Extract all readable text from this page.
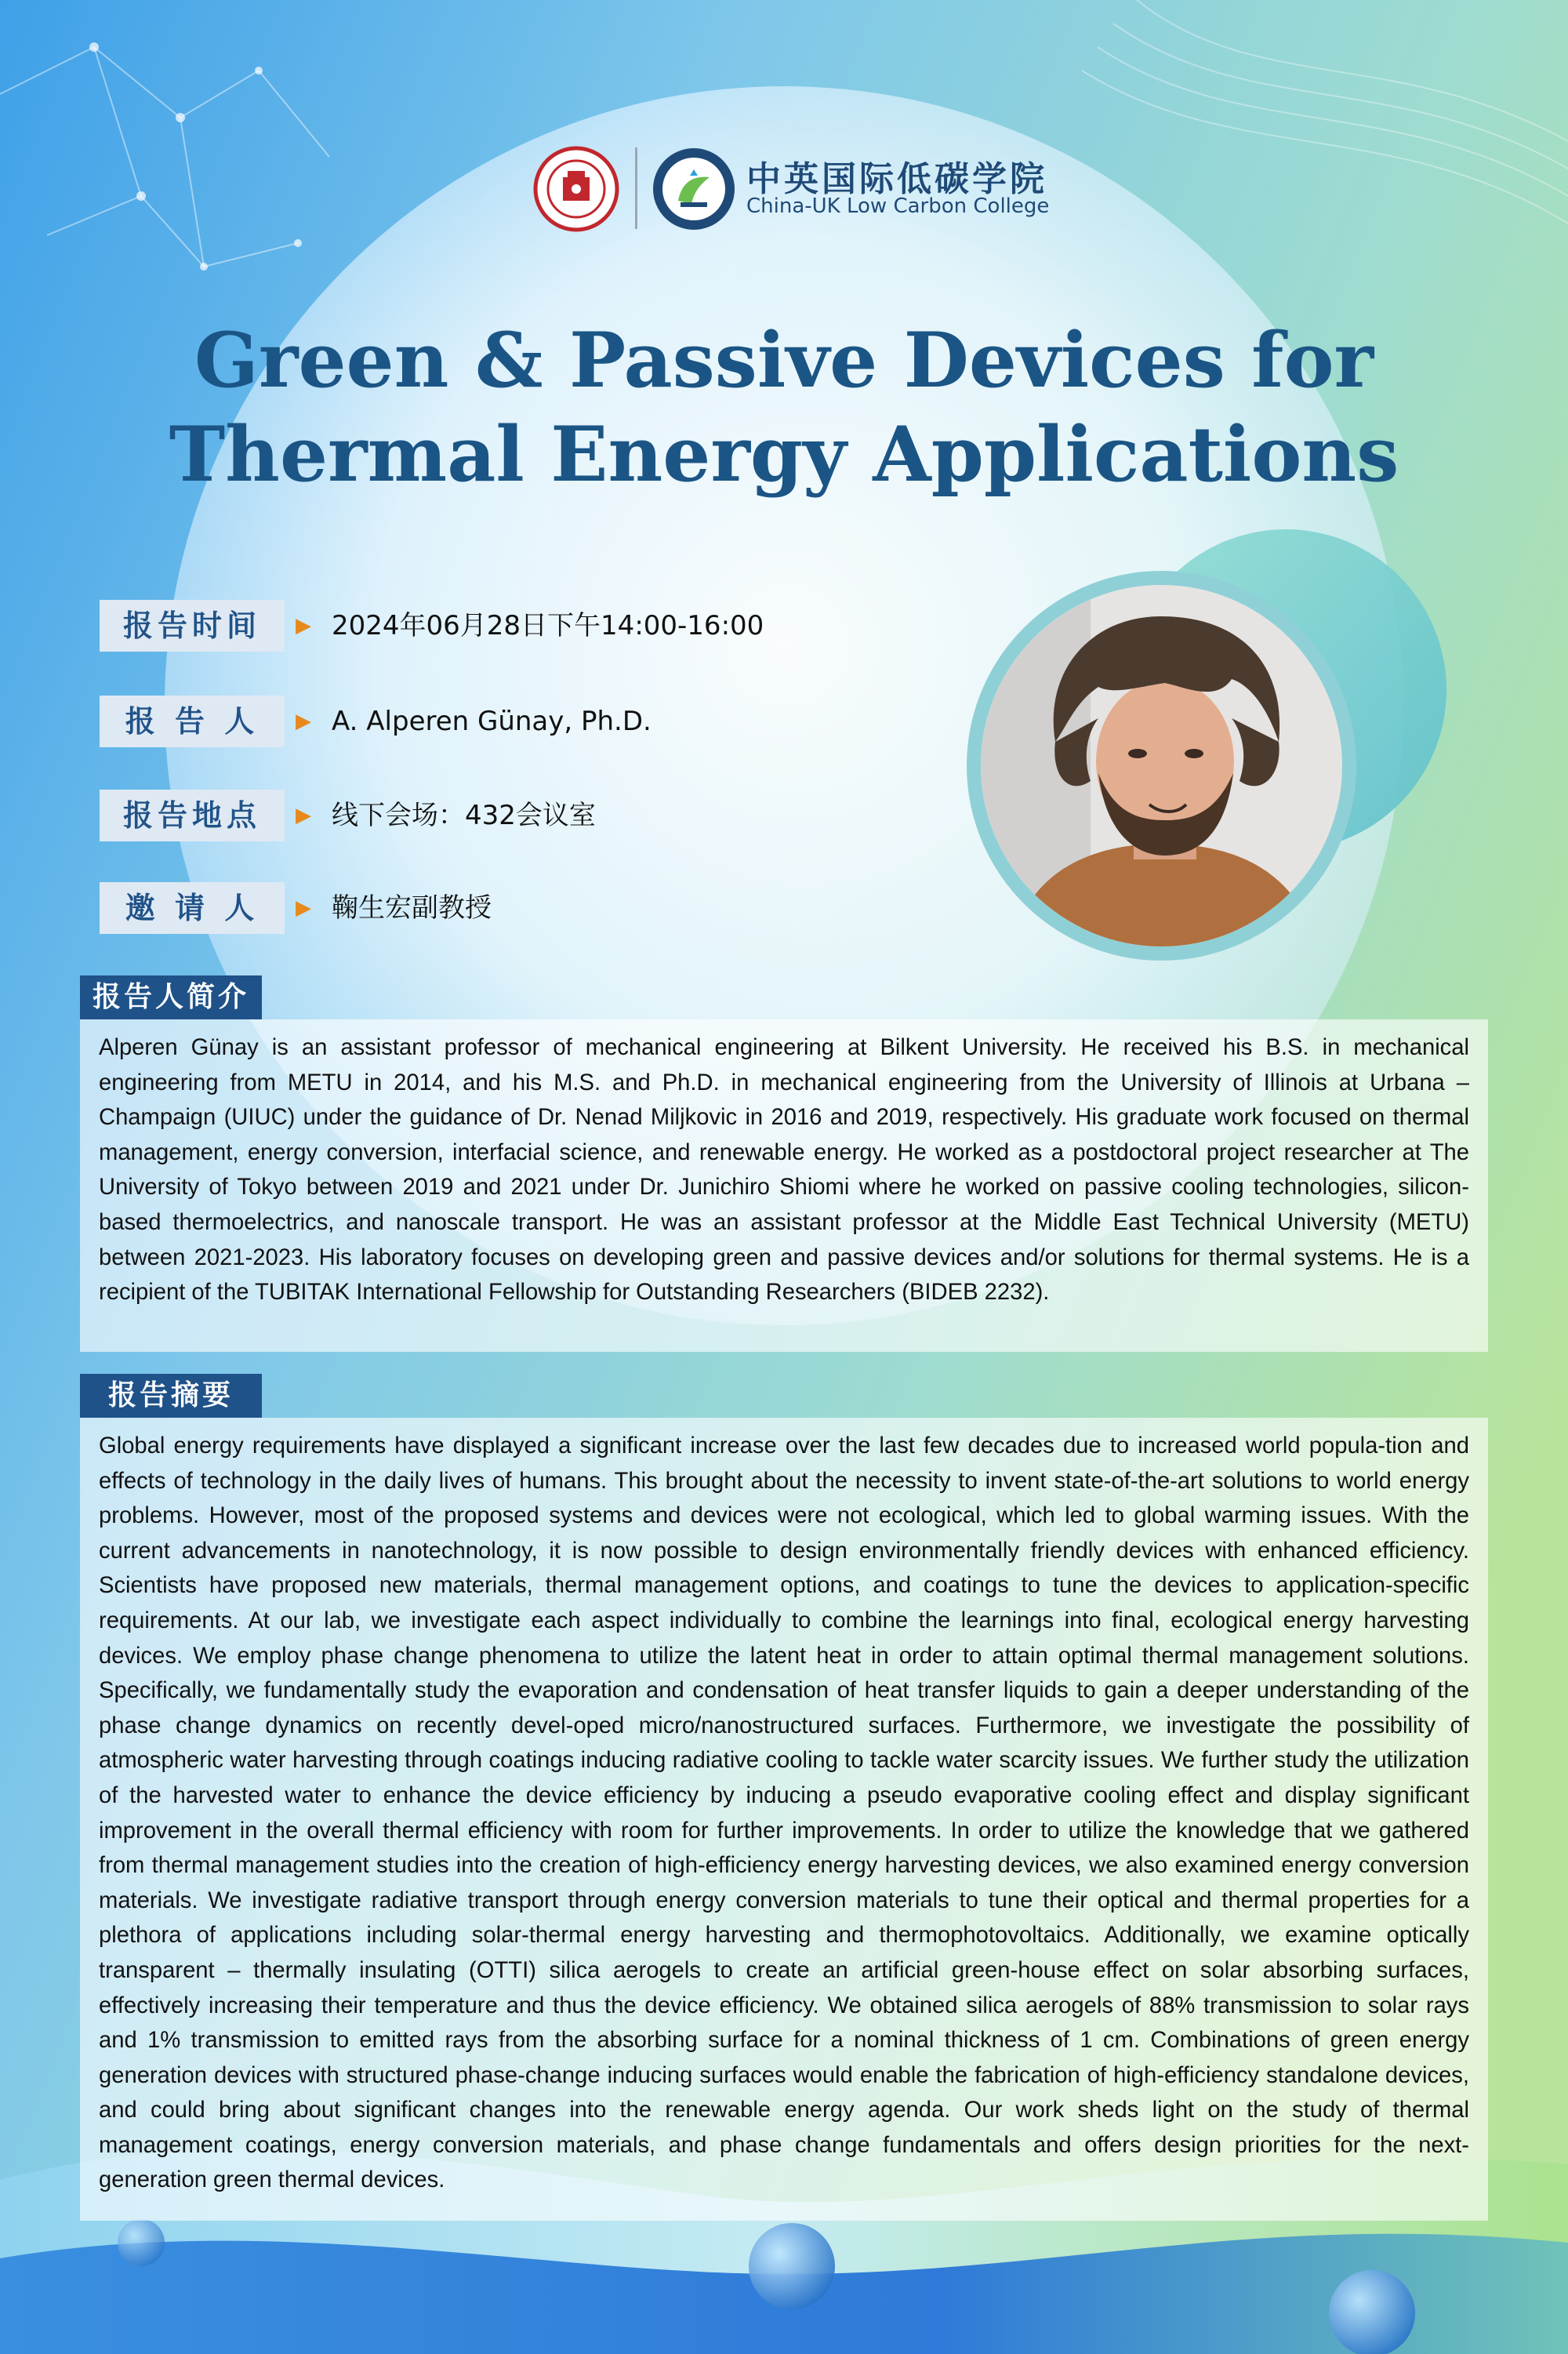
中英国际低碳学院
China-UK Low Carbon College
Green & Passive Devices for
Thermal Energy Applications
报告时间	▶ 2024年06月28日下午14:00-16:00
报 告 人	▶ A. Alperen Günay, Ph.D.
报告地点	▶ 线下会场：432会议室
邀 请 人	▶ 鞠生宏副教授
报告人简介

Alperen Günay is an assistant professor of mechanical engineering at Bilkent University. He received his B.S. in mechanical engineering from METU in 2014, and his M.S. and Ph.D. in mechanical engineering from the University of Illinois at Urbana – Champaign (UIUC) under the guidance of Dr. Nenad Miljkovic in 2016 and 2019, respectively. His graduate work focused on thermal management, energy conversion, interfacial science, and renewable energy. He worked as a postdoctoral project researcher at The University of Tokyo between 2019 and 2021 under Dr. Junichiro Shiomi where he worked on passive cooling technologies, silicon-based thermoelectrics, and nanoscale transport. He was an assistant professor at the Middle East Technical University (METU) between 2021-2023. His laboratory focuses on developing green and passive devices and/or solutions for thermal systems. He is a recipient of the TUBITAK International Fellowship for Outstanding Researchers (BIDEB 2232).

报告摘要

Global energy requirements have displayed a significant increase over the last few decades due to increased world popula-tion and effects of technology in the daily lives of humans. This brought about the necessity to invent state-of-the-art solutions to world energy problems. However, most of the proposed systems and devices were not ecological, which led to global warming issues. With the current advancements in nanotechnology, it is now possible to design environmentally friendly devices with enhanced efficiency. Scientists have proposed new materials, thermal management options, and coatings to tune the devices to application-specific requirements. At our lab, we investigate each aspect individually to combine the learnings into final, ecological energy harvesting devices. We employ phase change phenomena to utilize the latent heat in order to attain optimal thermal management solutions. Specifically, we fundamentally study the evaporation and condensation of heat transfer liquids to gain a deeper understanding of the phase change dynamics on recently devel-oped micro/nanostructured surfaces. Furthermore, we investigate the possibility of atmospheric water harvesting through coatings inducing radiative cooling to tackle water scarcity issues. We further study the utilization of the harvested water to enhance the device efficiency by inducing a pseudo evaporative cooling effect and display significant improvement in the overall thermal efficiency with room for further improvements. In order to utilize the knowledge that we gathered from thermal management studies into the creation of high-efficiency energy harvesting devices, we also examined energy conversion materials. We investigate radiative transport through energy conversion materials to tune their optical and thermal properties for a plethora of applications including solar-thermal energy harvesting and thermophotovoltaics. Additionally, we examine optically transparent – thermally insulating (OTTI) silica aerogels to create an artificial green-house effect on solar absorbing surfaces, effectively increasing their temperature and thus the device efficiency. We obtained silica aerogels of 88% transmission to solar rays and 1% transmission to emitted rays from the absorbing surface for a nominal thickness of 1 cm. Combinations of green energy generation devices with structured phase-change inducing surfaces would enable the fabrication of high-efficiency standalone devices, and could bring about significant changes into the renewable energy agenda. Our work sheds light on the study of thermal management coatings, energy conversion materials, and phase change fundamentals and offers design priorities for the next-generation green thermal devices.
